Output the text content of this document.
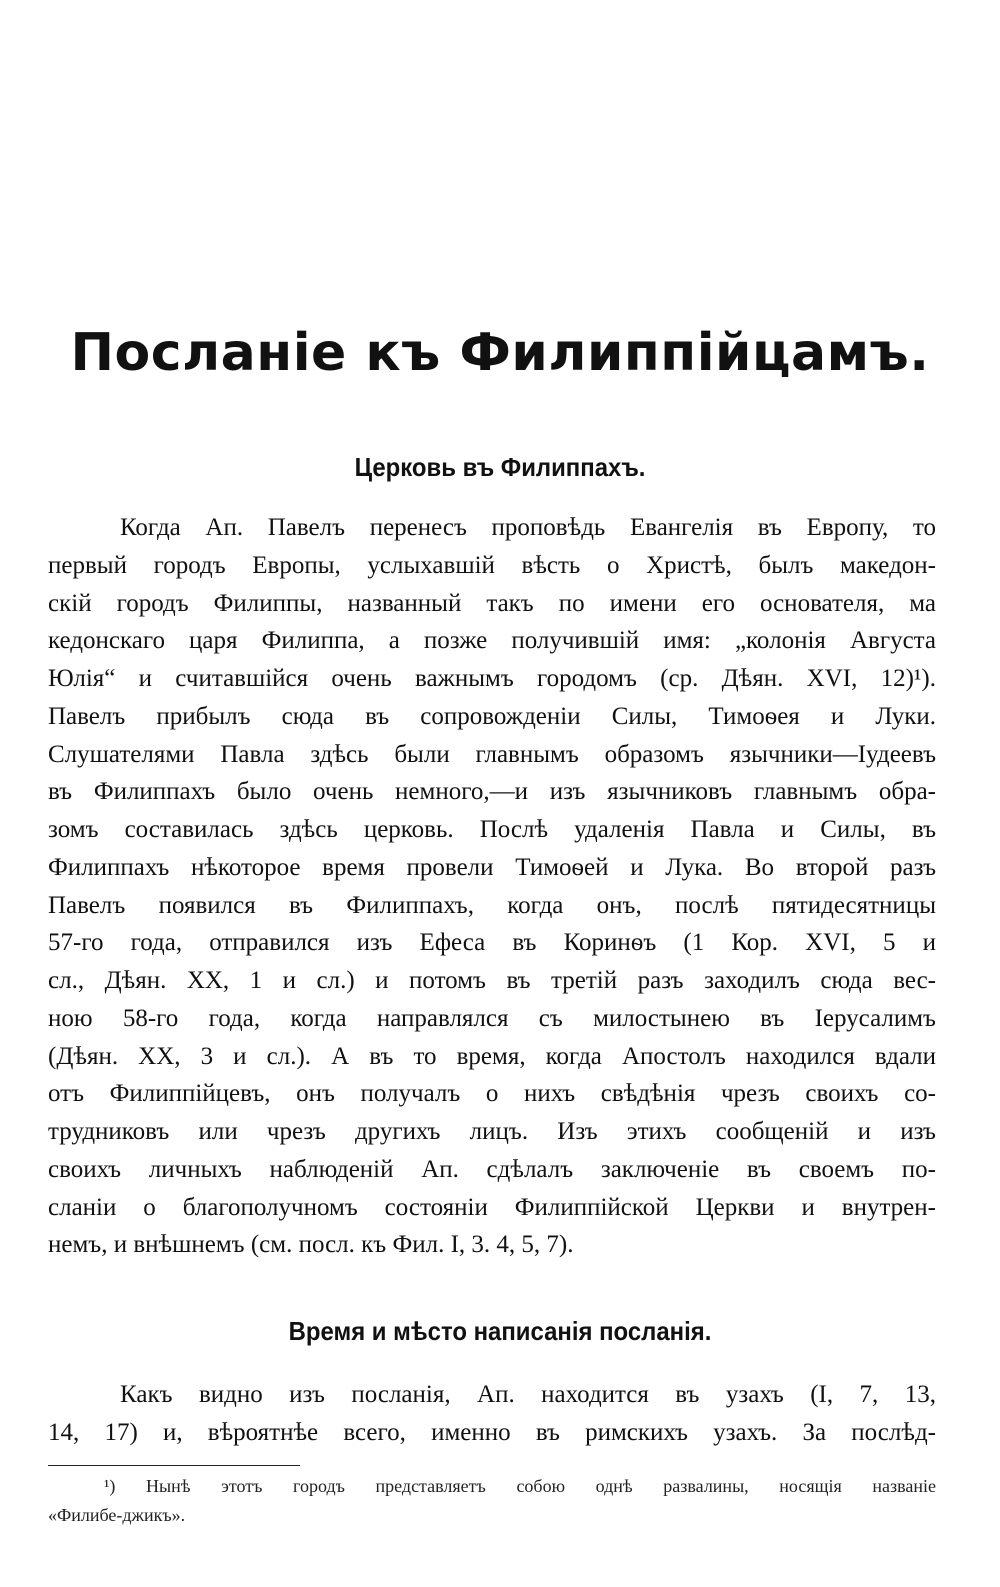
Посланіе къ Филиппійцамъ.
Церковь въ Филиппахъ.
Когда Ап. Павелъ перенесъ проповѣдь Евангелія въ Европу, то
первый городъ Европы, услыхавшій вѣсть о Христѣ, былъ македон-
скій городъ Филиппы, названный такъ по имени его основателя, ма
кедонскаго царя Филиппа, а позже получившій имя: „колонія Августа
Юлія“ и считавшійся очень важнымъ городомъ (ср. Дѣян. XVI, 12)¹).
Павелъ прибылъ сюда въ сопровожденіи Силы, Тимоѳея и Луки.
Слушателями Павла здѣсь были главнымъ образомъ язычники—Іудеевъ
въ Филиппахъ было очень немного,—и изъ язычниковъ главнымъ обра-
зомъ составилась здѣсь церковь. Послѣ удаленія Павла и Силы, въ
Филиппахъ нѣкоторое время провели Тимоѳей и Лука. Во второй разъ
Павелъ появился въ Филиппахъ, когда онъ, послѣ пятидесятницы
57-го года, отправился изъ Ефеса въ Коринѳъ (1 Кор. XVI, 5 и
сл., Дѣян. XX, 1 и сл.) и потомъ въ третій разъ заходилъ сюда вес-
ною 58-го года, когда направлялся съ милостынею въ Іерусалимъ
(Дѣян. XX, 3 и сл.). А въ то время, когда Апостолъ находился вдали
отъ Филиппійцевъ, онъ получалъ о нихъ свѣдѣнія чрезъ своихъ со-
трудниковъ или чрезъ другихъ лицъ. Изъ этихъ сообщеній и изъ
своихъ личныхъ наблюденій Ап. сдѣлалъ заключеніе въ своемъ по-
сланіи о благополучномъ состояніи Филиппійской Церкви и внутрен-
немъ, и внѣшнемъ (см. посл. къ Фил. I, 3. 4, 5, 7).
Время и мѣсто написанія посланія.
Какъ видно изъ посланія, Ап. находится въ узахъ (I, 7, 13,
14, 17) и, вѣроятнѣе всего, именно въ римскихъ узахъ. За послѣд-
¹) Нынѣ этотъ городъ представляетъ собою однѣ развалины, носящія названіе
«Филибе-джикъ».
